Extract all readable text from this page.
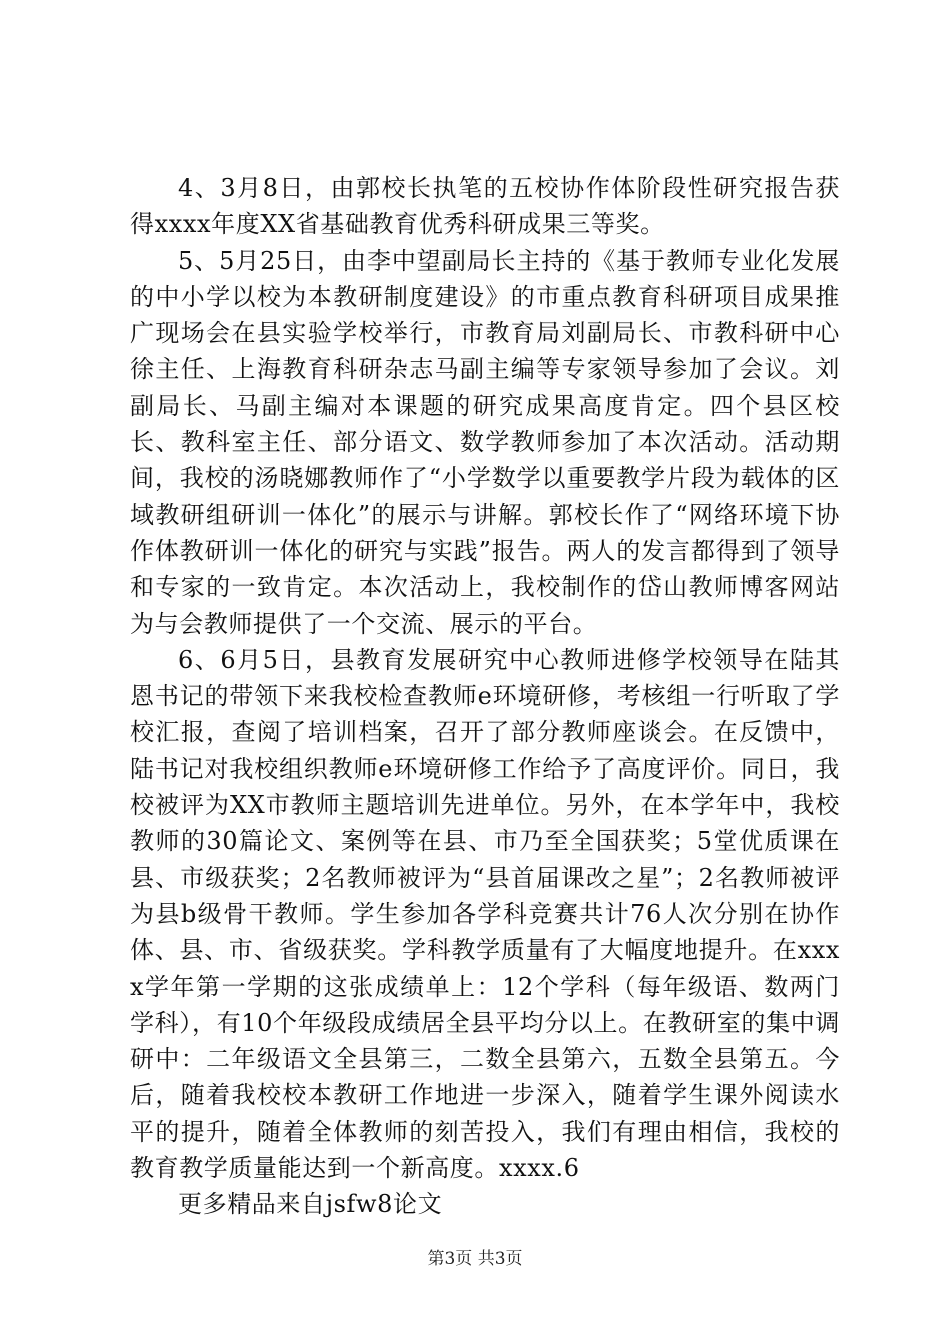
4、3月8日，由郭校长执笔的五校协作体阶段性研究报告获得xxxx年度XX省基础教育优秀科研成果三等奖。

5、5月25日，由李中望副局长主持的《基于教师专业化发展的中小学以校为本教研制度建设》的市重点教育科研项目成果推广现场会在县实验学校举行，市教育局刘副局长、市教科研中心徐主任、上海教育科研杂志马副主编等专家领导参加了会议。刘副局长、马副主编对本课题的研究成果高度肯定。四个县区校长、教科室主任、部分语文、数学教师参加了本次活动。活动期间，我校的汤晓娜教师作了“小学数学以重要教学片段为载体的区域教研组研训一体化”的展示与讲解。郭校长作了“网络环境下协作体教研训一体化的研究与实践”报告。两人的发言都得到了领导和专家的一致肯定。本次活动上，我校制作的岱山教师博客网站为与会教师提供了一个交流、展示的平台。

6、6月5日，县教育发展研究中心教师进修学校领导在陆其恩书记的带领下来我校检查教师e环境研修，考核组一行听取了学校汇报，查阅了培训档案，召开了部分教师座谈会。在反馈中，陆书记对我校组织教师e环境研修工作给予了高度评价。同日，我校被评为XX市教师主题培训先进单位。另外，在本学年中，我校教师的30篇论文、案例等在县、市乃至全国获奖；5堂优质课在县、市级获奖；2名教师被评为“县首届课改之星”；2名教师被评为县b级骨干教师。学生参加各学科竞赛共计76人次分别在协作体、县、市、省级获奖。学科教学质量有了大幅度地提升。在xxxx学年第一学期的这张成绩单上：12个学科（每年级语、数两门学科），有10个年级段成绩居全县平均分以上。在教研室的集中调研中：二年级语文全县第三，二数全县第六，五数全县第五。今后，随着我校校本教研工作地进一步深入，随着学生课外阅读水平的提升，随着全体教师的刻苦投入，我们有理由相信，我校的教育教学质量能达到一个新高度。xxxx.6

更多精品来自jsfw8论文

第3页 共3页
